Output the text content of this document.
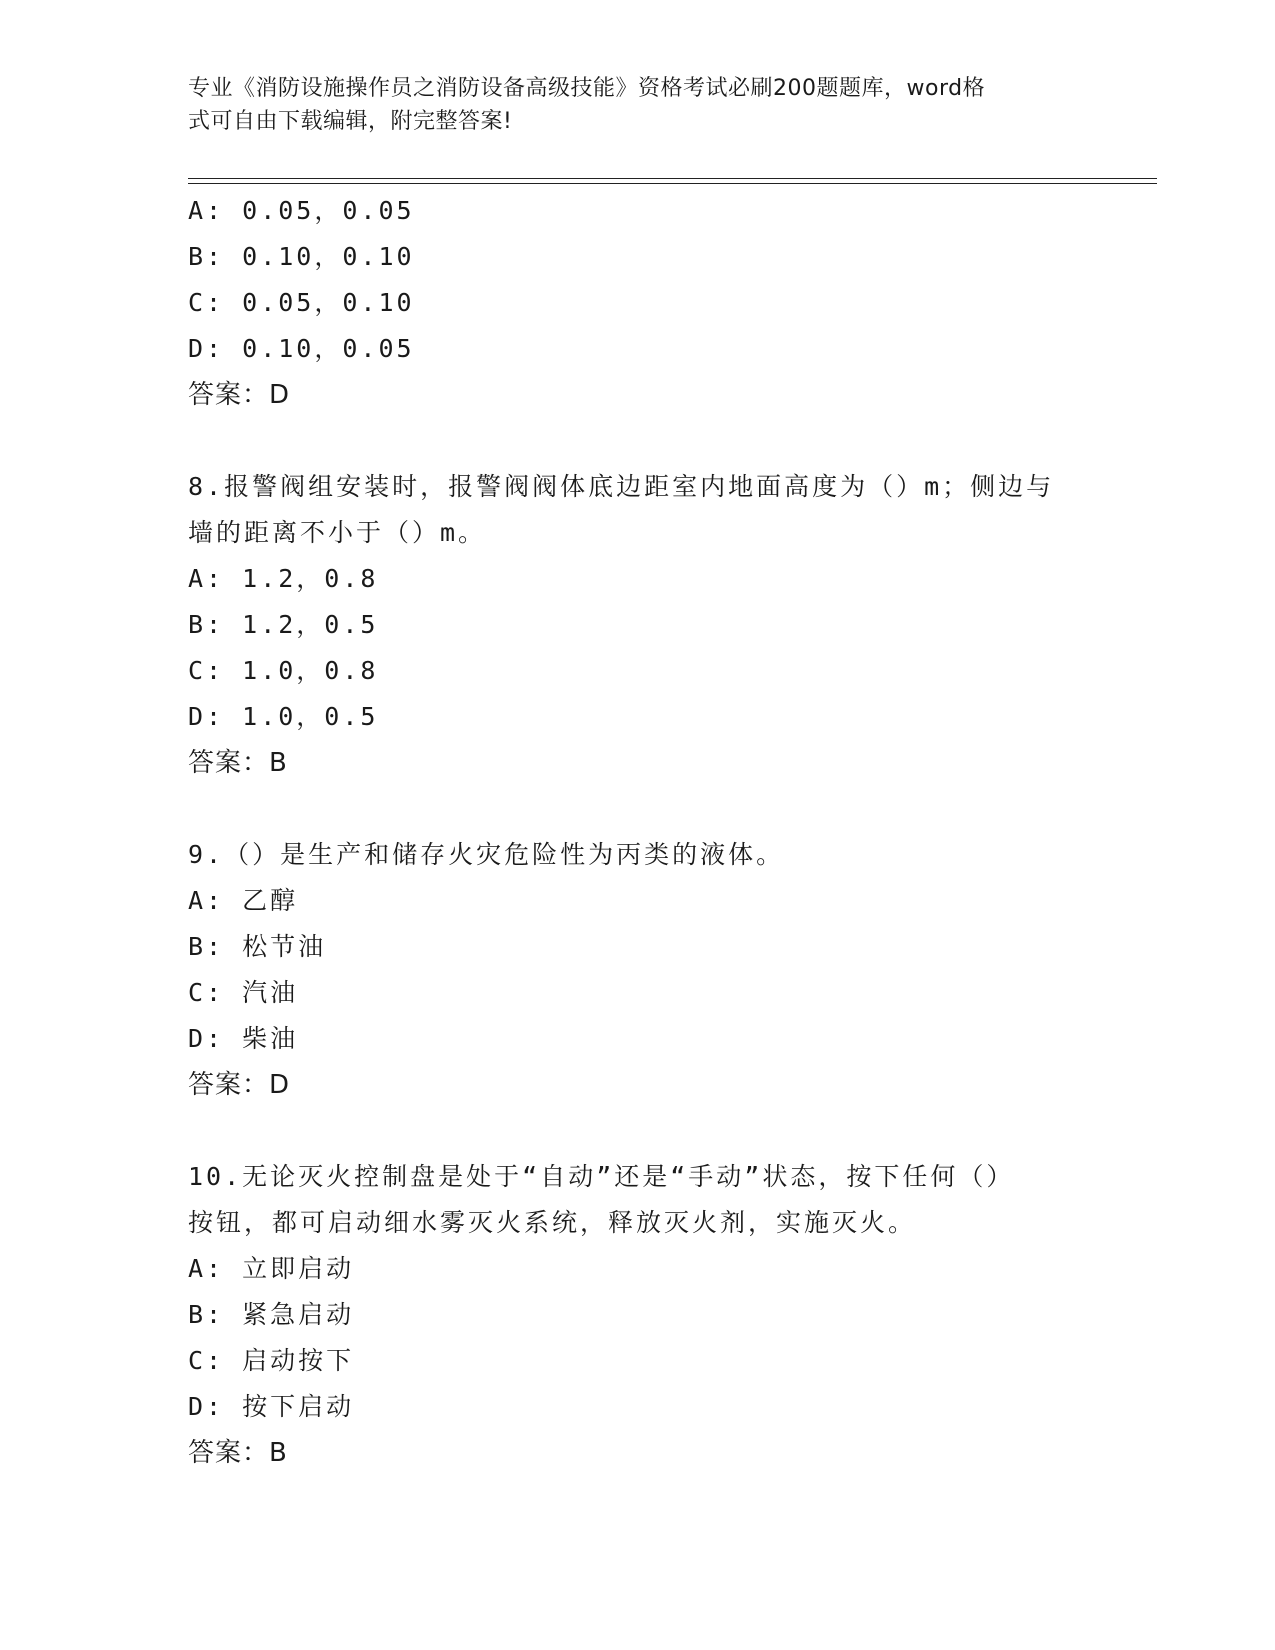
专业《消防设施操作员之消防设备高级技能》资格考试必刷200题题库，word格
式可自由下载编辑，附完整答案!
A: 0.05，0.05
B: 0.10，0.10
C: 0.05，0.10
D: 0.10，0.05
答案：D
8.报警阀组安装时，报警阀阀体底边距室内地面高度为（）m；侧边与
墙的距离不小于（）m。
A: 1.2，0.8
B: 1.2，0.5
C: 1.0，0.8
D: 1.0，0.5
答案：B
9.（）是生产和储存火灾危险性为丙类的液体。
A: 乙醇
B: 松节油
C: 汽油
D: 柴油
答案：D
10.无论灭火控制盘是处于“自动”还是“手动”状态，按下任何（）
按钮，都可启动细水雾灭火系统，释放灭火剂，实施灭火。
A: 立即启动
B: 紧急启动
C: 启动按下
D: 按下启动
答案：B
